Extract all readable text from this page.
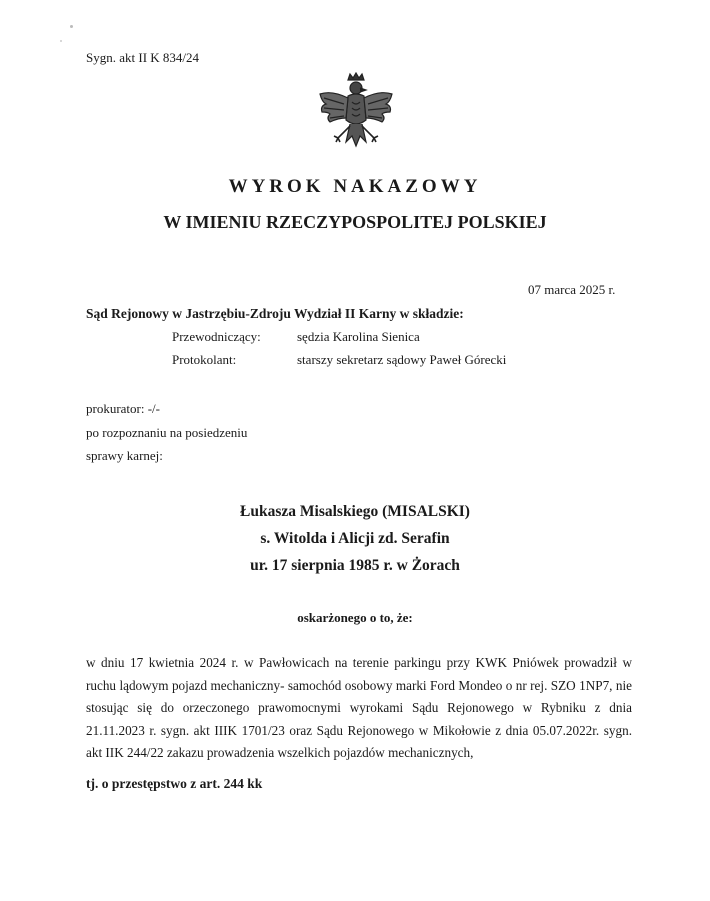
Sygn. akt II K 834/24
WYROK NAKAZOWY
W IMIENIU RZECZYPOSPOLITEJ POLSKIEJ
07 marca 2025 r.
Sąd Rejonowy w Jastrzębiu-Zdroju Wydział II Karny w składzie:
Przewodniczący:	sędzia Karolina Sienica
Protokolant:	starszy sekretarz sądowy Paweł Górecki
prokurator: -/-
po rozpoznaniu na posiedzeniu
sprawy karnej:
Łukasza Misalskiego (MISALSKI)
s. Witolda i Alicji zd. Serafin
ur. 17 sierpnia 1985 r. w Żorach
oskarżonego o to, że:

w dniu 17 kwietnia 2024 r. w Pawłowicach na terenie parkingu przy KWK Pniówek prowadził w ruchu lądowym pojazd mechaniczny- samochód osobowy marki Ford Mondeo o nr rej. SZO 1NP7, nie stosując się do orzeczonego prawomocnymi wyrokami Sądu Rejonowego w Rybniku z dnia 21.11.2023 r. sygn. akt IIIK 1701/23 oraz Sądu Rejonowego w Mikołowie z dnia 05.07.2022r. sygn. akt IIK 244/22 zakazu prowadzenia wszelkich pojazdów mechanicznych,

tj. o przestępstwo z art. 244 kk
